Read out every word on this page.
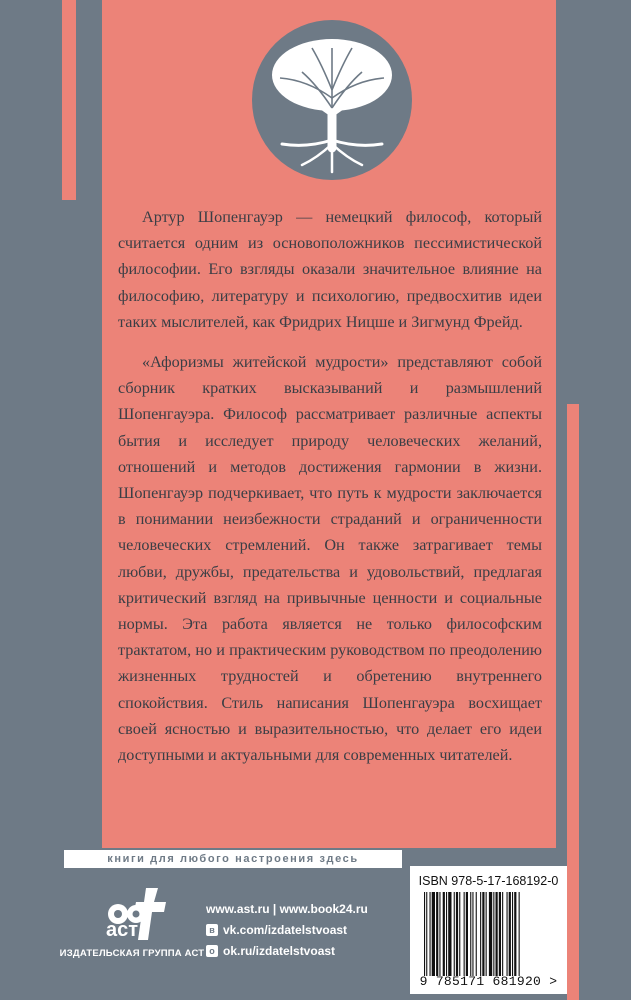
Артур Шопенгауэр — немецкий философ, который считается одним из основоположников пессимистической философии. Его взгляды оказали значительное влияние на философию, литературу и психологию, предвосхитив идеи таких мыслителей, как Фридрих Ницше и Зигмунд Фрейд.

«Афоризмы житейской мудрости» представляют собой сборник кратких высказываний и размышлений Шопенгауэра. Философ рассматривает различные аспекты бытия и исследует природу человеческих желаний, отношений и методов достижения гармонии в жизни. Шопенгауэр подчеркивает, что путь к мудрости заключается в понимании неизбежности страданий и ограниченности человеческих стремлений. Он также затрагивает темы любви, дружбы, предательства и удовольствий, предлагая критический взгляд на привычные ценности и социальные нормы. Эта работа является не только философским трактатом, но и практическим руководством по преодолению жизненных трудностей и обретению внутреннего спокойствия. Стиль написания Шопенгауэра восхищает своей ясностью и выразительностью, что делает его идеи доступными и актуальными для современных читателей.

книги для любого настроения здесь
аст
ИЗДАТЕЛЬСКАЯ ГРУППА АСТ
www.ast.ru | www.book24.ru
в vk.com/izdatelstvoast
о ok.ru/izdatelstvoast
ISBN 978-5-17-168192-0
9 785171 681920 >
